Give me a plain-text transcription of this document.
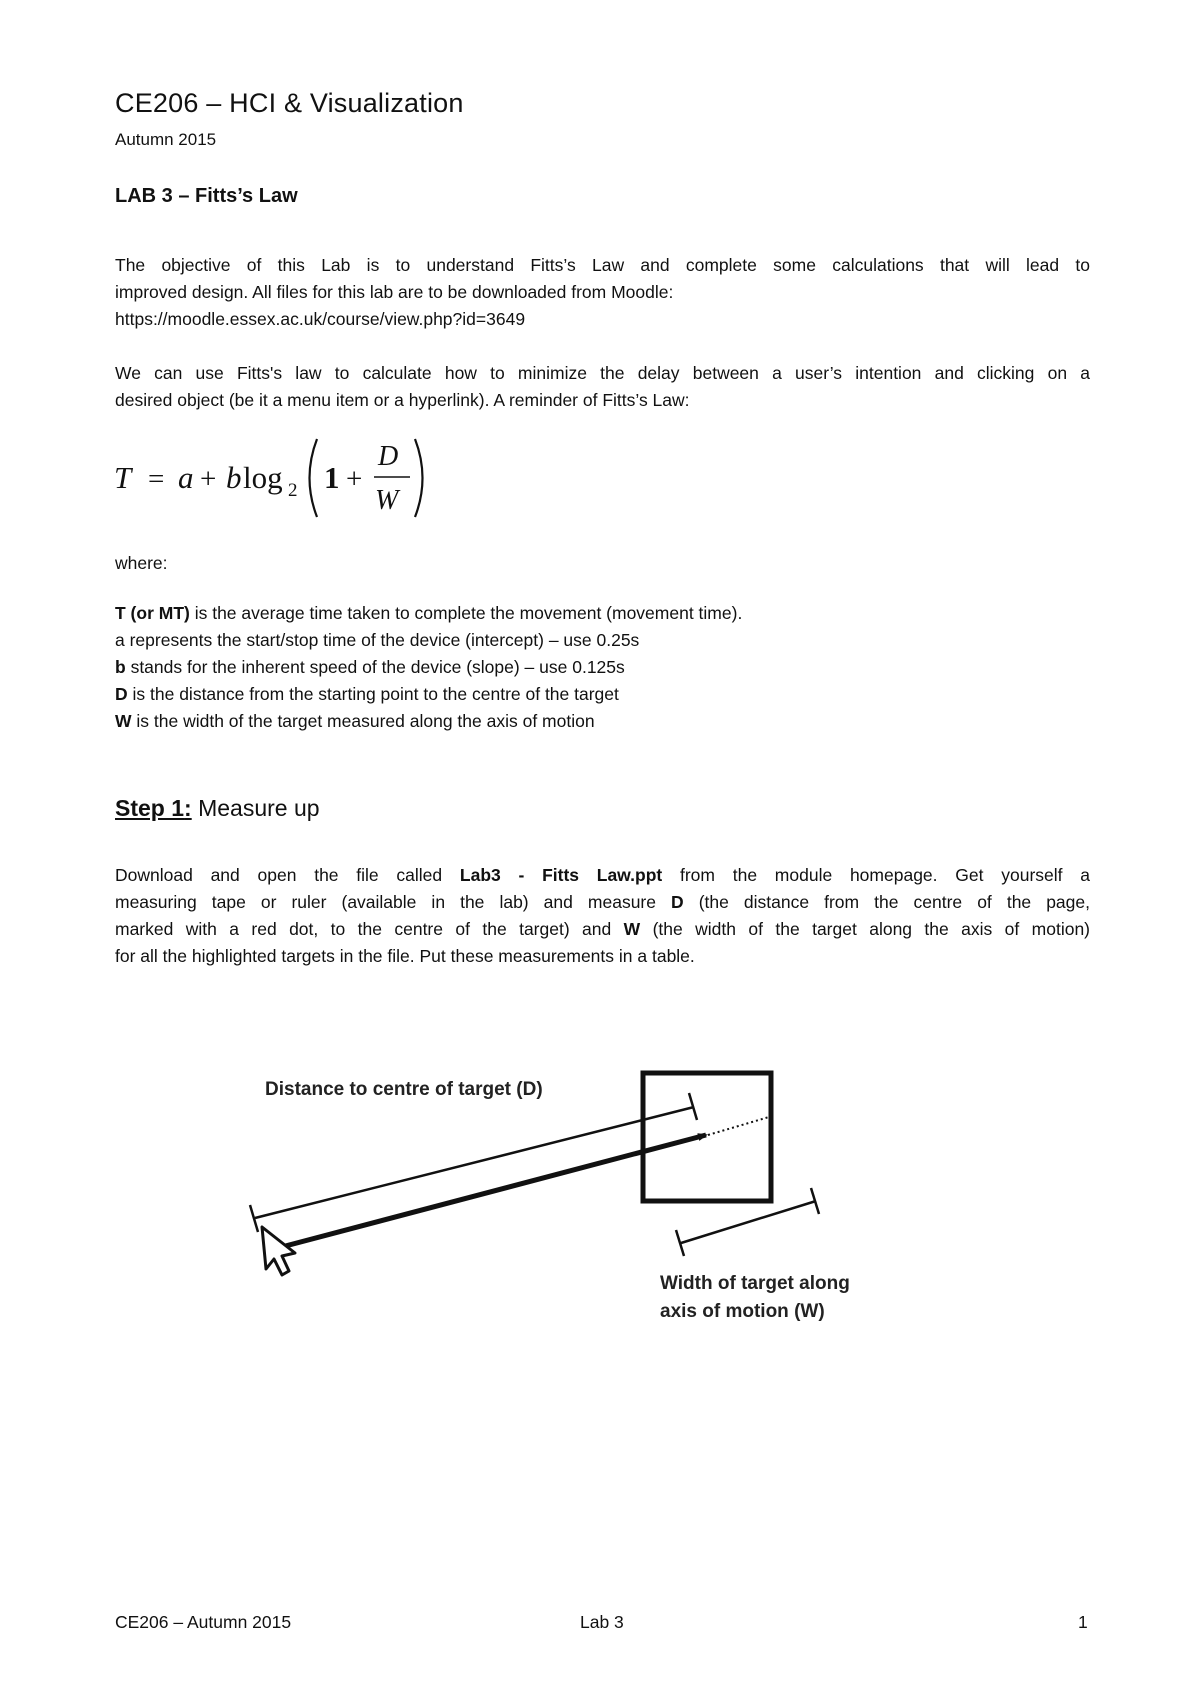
CE206 – HCI & Visualization
Autumn 2015
LAB 3 – Fitts’s Law
The objective of this Lab is to understand Fitts’s Law and complete some calculations that will lead to
improved design. All files for this lab are to be downloaded from Moodle:
https://moodle.essex.ac.uk/course/view.php?id=3649
We can use Fitts's law to calculate how to minimize the delay between a user’s intention and clicking on a
desired object (be it a menu item or a hyperlink). A reminder of Fitts’s Law:
T = a + b log 2 1 +
D
W
where:
T (or MT) is the average time taken to complete the movement (movement time).
a represents the start/stop time of the device (intercept) – use 0.25s
b stands for the inherent speed of the device (slope) – use 0.125s
D is the distance from the starting point to the centre of the target
W is the width of the target measured along the axis of motion
Step 1: Measure up
Download and open the file called Lab3 - Fitts Law.ppt from the module homepage. Get yourself a
measuring tape or ruler (available in the lab) and measure D (the distance from the centre of the page,
marked with a red dot, to the centre of the target) and W (the width of the target along the axis of motion)
for all the highlighted targets in the file. Put these measurements in a table.
Distance to centre of target (D)
Width of target along
axis of motion (W)
CE206 – Autumn 2015	Lab 3	1
